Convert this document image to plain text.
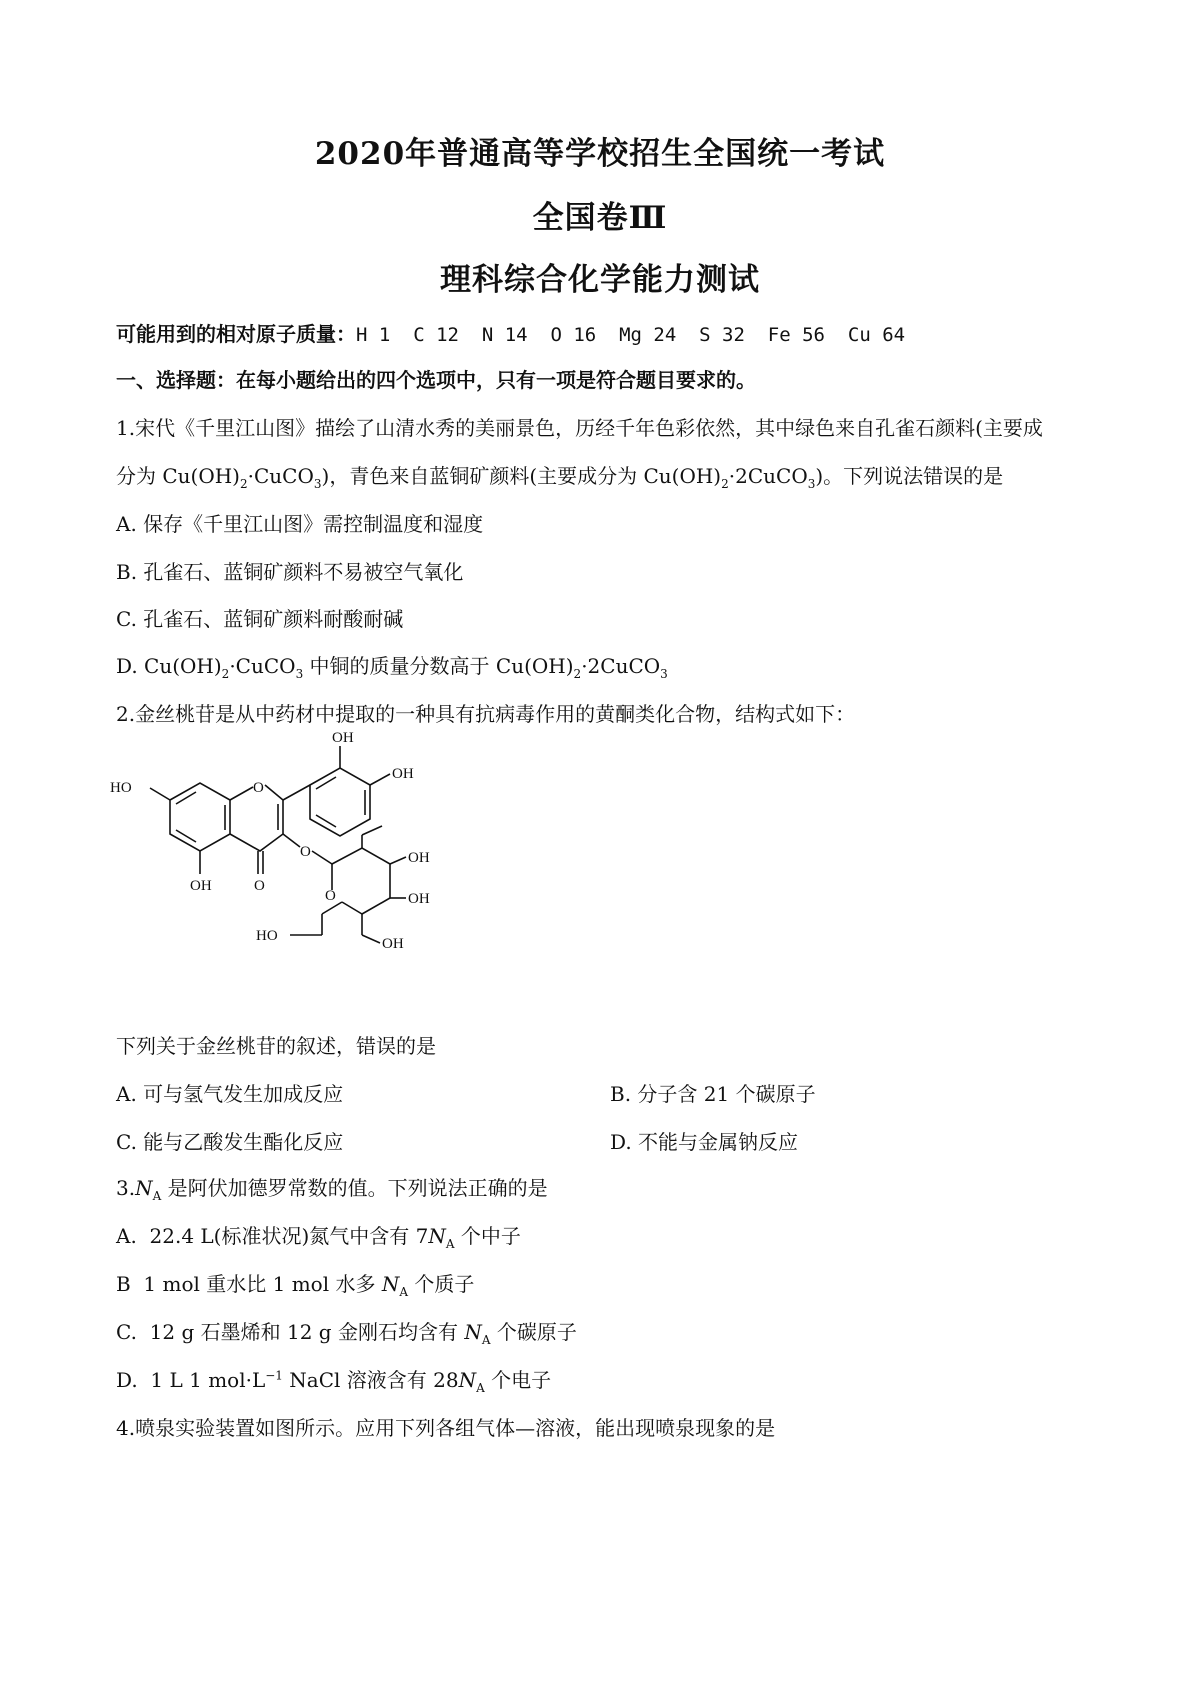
2020年普通高等学校招生全国统一考试
全国卷Ⅲ
理科综合化学能力测试
可能用到的相对原子质量：H 1  C 12  N 14  O 16  Mg 24  S 32  Fe 56  Cu 64
一、选择题：在每小题给出的四个选项中，只有一项是符合题目要求的。
1.宋代《千里江山图》描绘了山清水秀的美丽景色，历经千年色彩依然，其中绿色来自孔雀石颜料(主要成
分为 $Cu(OH)_2\cdot CuCO_3$)，青色来自蓝铜矿颜料(主要成分为 $Cu(OH)_2\cdot 2CuCO_3$)。下列说法错误的是
A. 保存《千里江山图》需控制温度和湿度
B. 孔雀石、蓝铜矿颜料不易被空气氧化
C. 孔雀石、蓝铜矿颜料耐酸耐碱
D. $Cu(OH)_2\cdot CuCO_3$ 中铜的质量分数高于 $Cu(OH)_2\cdot 2CuCO_3$
2.金丝桃苷是从中药材中提取的一种具有抗病毒作用的黄酮类化合物，结构式如下：
OH
OH
HO	O
O
OH	O
OH
O	OH
HO	OH
下列关于金丝桃苷的叙述，错误的是
A. 可与氢气发生加成反应	B. 分子含 21 个碳原子
C. 能与乙酸发生酯化反应	D. 不能与金属钠反应
$3.N_A$ 是阿伏加德罗常数的值。下列说法正确的是
A.  22.4 L(标准状况)氮气中含有 $7N_A$ 个中子
B  1 mol 重水比 1 mol 水多 $N_A$ 个质子
C.  12 g 石墨烯和 12 g 金刚石均含有 $N_A$ 个碳原子
D.  1 L 1 $mol\cdot L^{-1}$ NaCl 溶液含有 $28N_A$ 个电子
4.喷泉实验装置如图所示。应用下列各组气体—溶液，能出现喷泉现象的是
